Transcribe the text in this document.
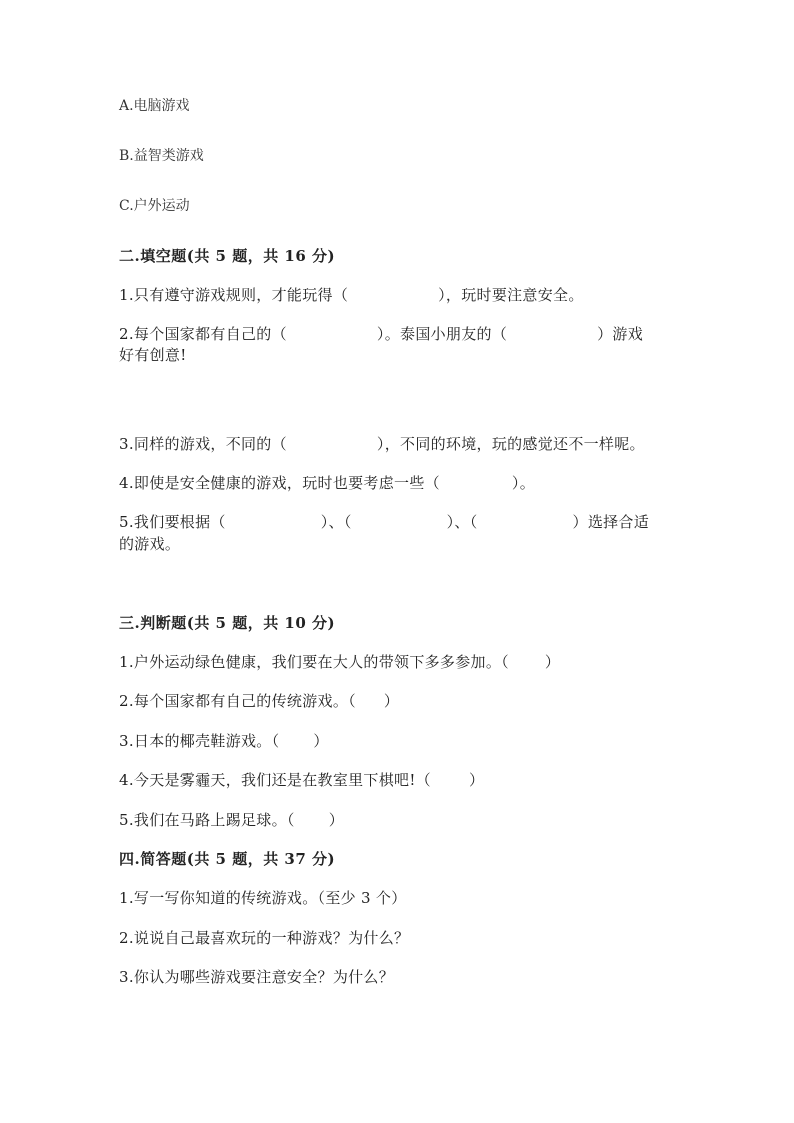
A.电脑游戏
B.益智类游戏
C.户外运动
二.填空题(共 5 题，共 16 分)
1.只有遵守游戏规则，才能玩得（	），玩时要注意安全。
2.每个国家都有自己的（	）。泰国小朋友的（	）游戏
好有创意!
3.同样的游戏，不同的（	），不同的环境，玩的感觉还不一样呢。
4.即使是安全健康的游戏，玩时也要考虑一些（	）。
5.我们要根据（	）、（	）、（	）选择合适
的游戏。
三.判断题(共 5 题，共 10 分)
1.户外运动绿色健康，我们要在大人的带领下多多参加。（ ）
2.每个国家都有自己的传统游戏。（ ）
3.日本的椰壳鞋游戏。（ ）
4.今天是雾霾天，我们还是在教室里下棋吧!（	）
5.我们在马路上踢足球。（ ）
四.简答题(共 5 题，共 37 分)
1.写一写你知道的传统游戏。（至少 3 个）
2.说说自己最喜欢玩的一种游戏？为什么？
3.你认为哪些游戏要注意安全？为什么？
